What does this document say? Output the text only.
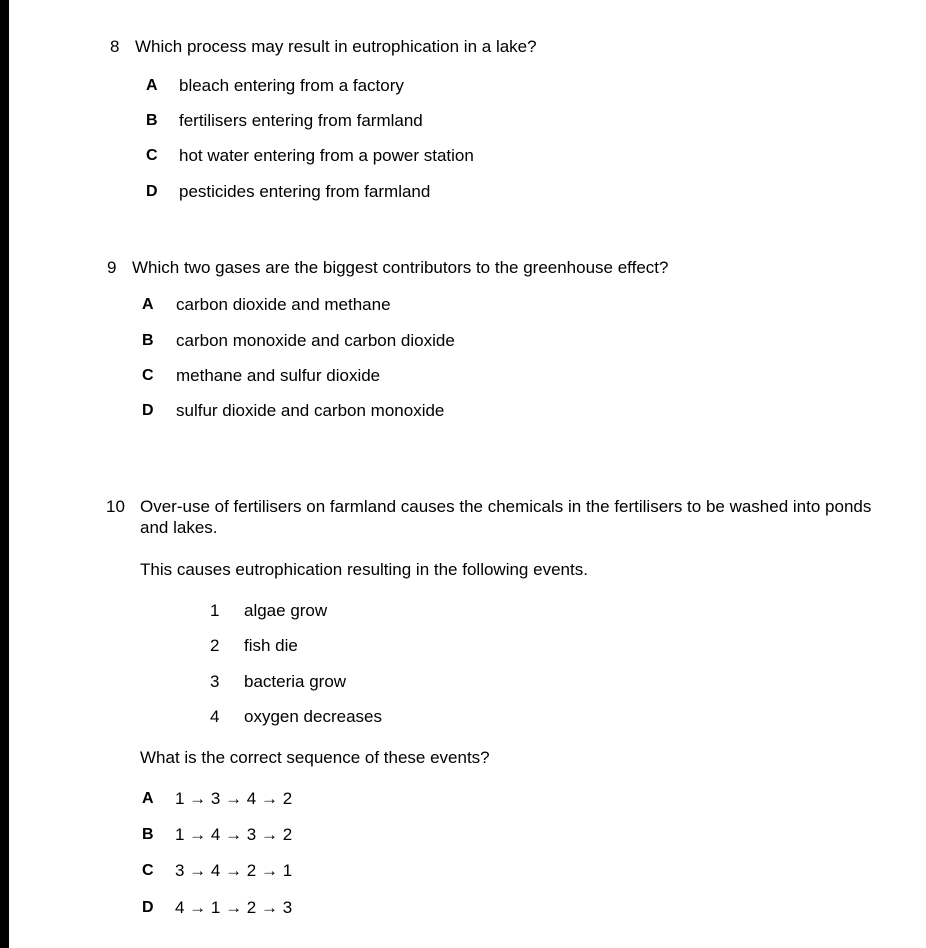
8 Which process may result in eutrophication in a lake?
A bleach entering from a factory
B fertilisers entering from farmland
C hot water entering from a power station
D pesticides entering from farmland
9 Which two gases are the biggest contributors to the greenhouse effect?
A carbon dioxide and methane
B carbon monoxide and carbon dioxide
C methane and sulfur dioxide
D sulfur dioxide and carbon monoxide
10 Over-use of fertilisers on farmland causes the chemicals in the fertilisers to be washed into ponds
and lakes.
This causes eutrophication resulting in the following events.
1 algae grow
2 fish die
3 bacteria grow
4 oxygen decreases
What is the correct sequence of these events?
A 1 → 3 → 4 → 2
B 1 → 4 → 3 → 2
C 3 → 4 → 2 → 1
D 4 → 1 → 2 → 3
